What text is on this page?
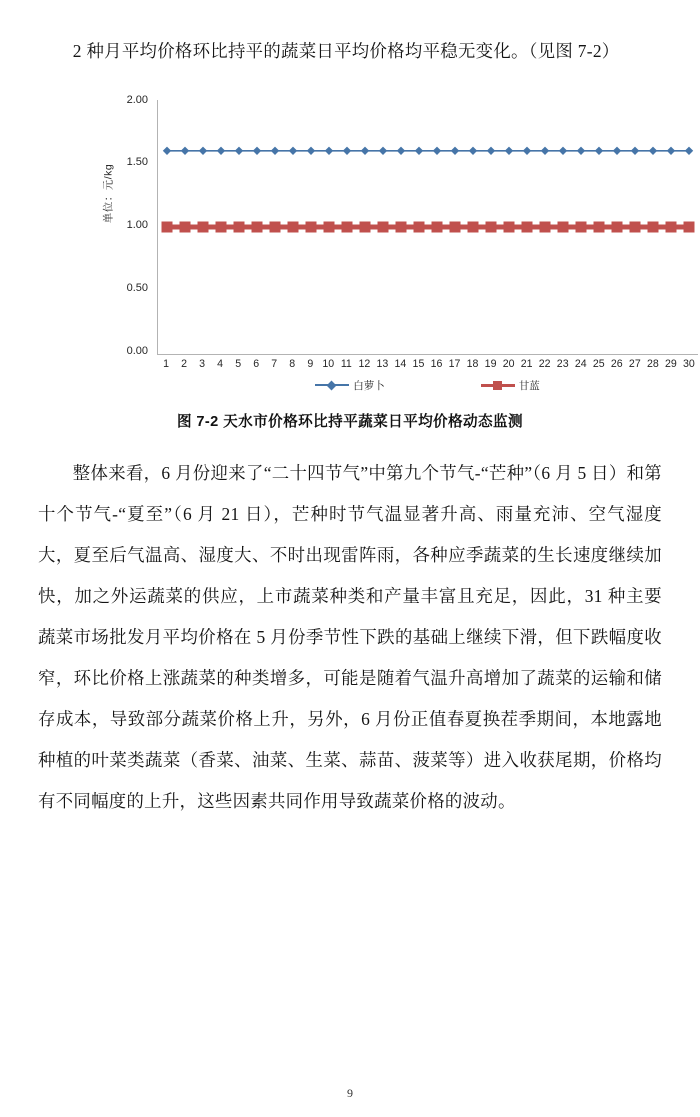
2 种月平均价格环比持平的蔬菜日平均价格均平稳无变化。（见图 7-2）

单位：元/kg
2.00
1.50
1.00
0.50
0.00
1	2	3	4	5	6	7	8	9 10 11 12 13 14 15 16 17 18 19 20 21 22 23 24 25 26 27 28 29 30
白萝卜	甘蓝
图 7-2 天水市价格环比持平蔬菜日平均价格动态监测

整体来看，6 月份迎来了“二十四节气”中第九个节气-“芒种”（6 月 5 日）和第十个节气-“夏至”（6 月 21 日），芒种时节气温显著升高、雨量充沛、空气湿度大，夏至后气温高、湿度大、不时出现雷阵雨，各种应季蔬菜的生长速度继续加快，加之外运蔬菜的供应，上市蔬菜种类和产量丰富且充足，因此，31 种主要蔬菜市场批发月平均价格在 5 月份季节性下跌的基础上继续下滑，但下跌幅度收窄，环比价格上涨蔬菜的种类增多，可能是随着气温升高增加了蔬菜的运输和储存成本，导致部分蔬菜价格上升，另外，6 月份正值春夏换茬季期间，本地露地种植的叶菜类蔬菜（香菜、油菜、生菜、蒜苗、菠菜等）进入收获尾期，价格均有不同幅度的上升，这些因素共同作用导致蔬菜价格的波动。

9
